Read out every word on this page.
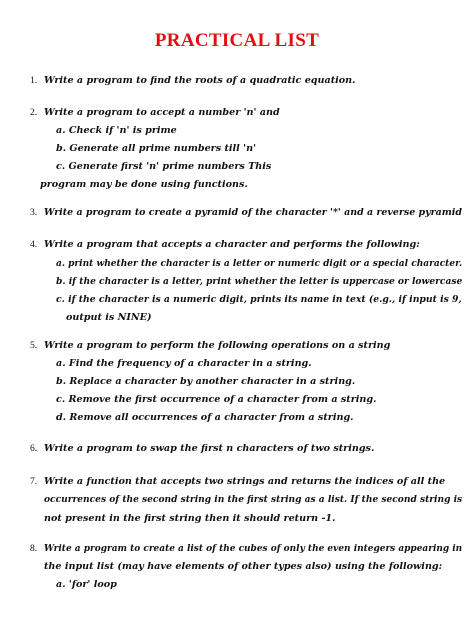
PRACTICAL LIST
1. Write a program to find the roots of a quadratic equation.
2. Write a program to accept a number 'n' and
a. Check if 'n' is prime
b. Generate all prime numbers till 'n'
c. Generate first 'n' prime numbers This
program may be done using functions.
3. Write a program to create a pyramid of the character '*' and a reverse pyramid
4. Write a program that accepts a character and performs the following:
a. print whether the character is a letter or numeric digit or a special character.
b. if the character is a letter, print whether the letter is uppercase or lowercase
c. if the character is a numeric digit, prints its name in text (e.g., if input is 9,
output is NINE)
5. Write a program to perform the following operations on a string
a. Find the frequency of a character in a string.
b. Replace a character by another character in a string.
c. Remove the first occurrence of a character from a string.
d. Remove all occurrences of a character from a string.
6. Write a program to swap the first n characters of two strings.
7. Write a function that accepts two strings and returns the indices of all the
occurrences of the second string in the first string as a list. If the second string is
not present in the first string then it should return -1.
8. Write a program to create a list of the cubes of only the even integers appearing in
the input list (may have elements of other types also) using the following:
a. 'for' loop
